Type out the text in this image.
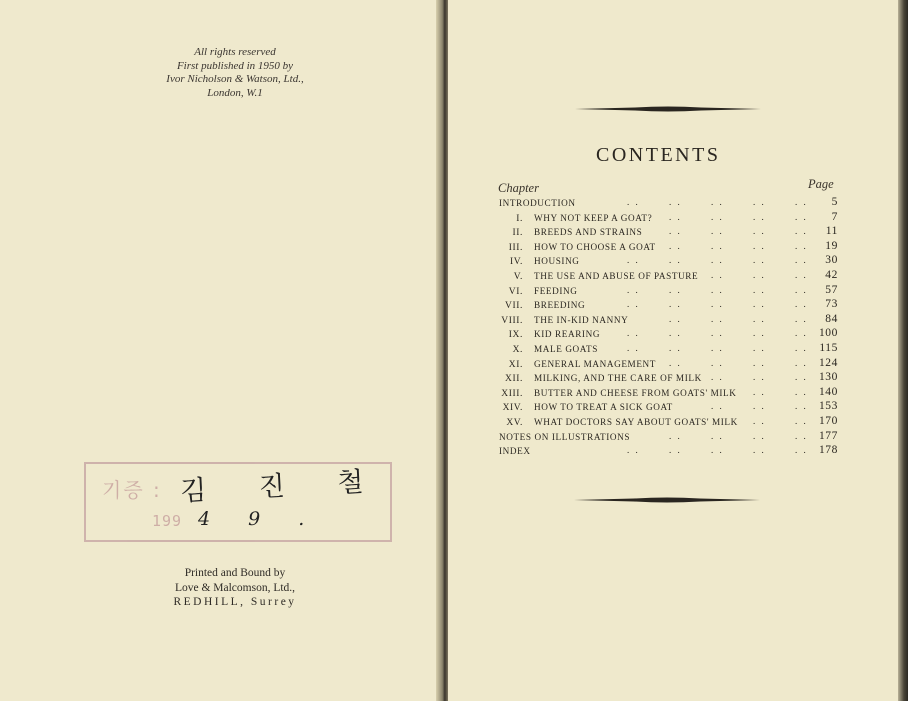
All rights reserved
First published in 1950 by
Ivor Nicholson & Watson, Ltd.,
London, W.1
기증 :
199
김 진 철
4 9 .
Printed and Bound by
Love & Malcomson, Ltd.,
REDHILL, Surrey
CONTENTS
Chapter	Page
INTRODUCTION	5
. .	. .	. .	. .	. .
I. WHY NOT KEEP A GOAT?	7
. .	. .	. .	. .
II. BREEDS AND STRAINS	11
. .	. .	. .	. .
III. HOW TO CHOOSE A GOAT	19
. .	. .	. .	. .
IV. HOUSING	30
. .	. .	. .	. .	. .
V. THE USE AND ABUSE OF PASTURE	42
. .	. .	. .
VI. FEEDING	57
. .	. .	. .	. .	. .
VII. BREEDING	73
. .	. .	. .	. .	. .
VIII. THE IN-KID NANNY	84
. .	. .	. .	. .
IX. KID REARING	100
. .	. .	. .	. .	. .
X. MALE GOATS	115
. .	. .	. .	. .	. .
XI. GENERAL MANAGEMENT	124
. .	. .	. .	. .
XII. MILKING, AND THE CARE OF MILK	130
. .	. .	. .
XIII. BUTTER AND CHEESE FROM GOATS' MILK	140
. .	. .
XIV. HOW TO TREAT A SICK GOAT	153
. .	. .	. .
XV. WHAT DOCTORS SAY ABOUT GOATS' MILK	170
. .	. .
NOTES ON ILLUSTRATIONS	177
. .	. .	. .	. .
INDEX	178
. .	. .	. .	. .	. .
